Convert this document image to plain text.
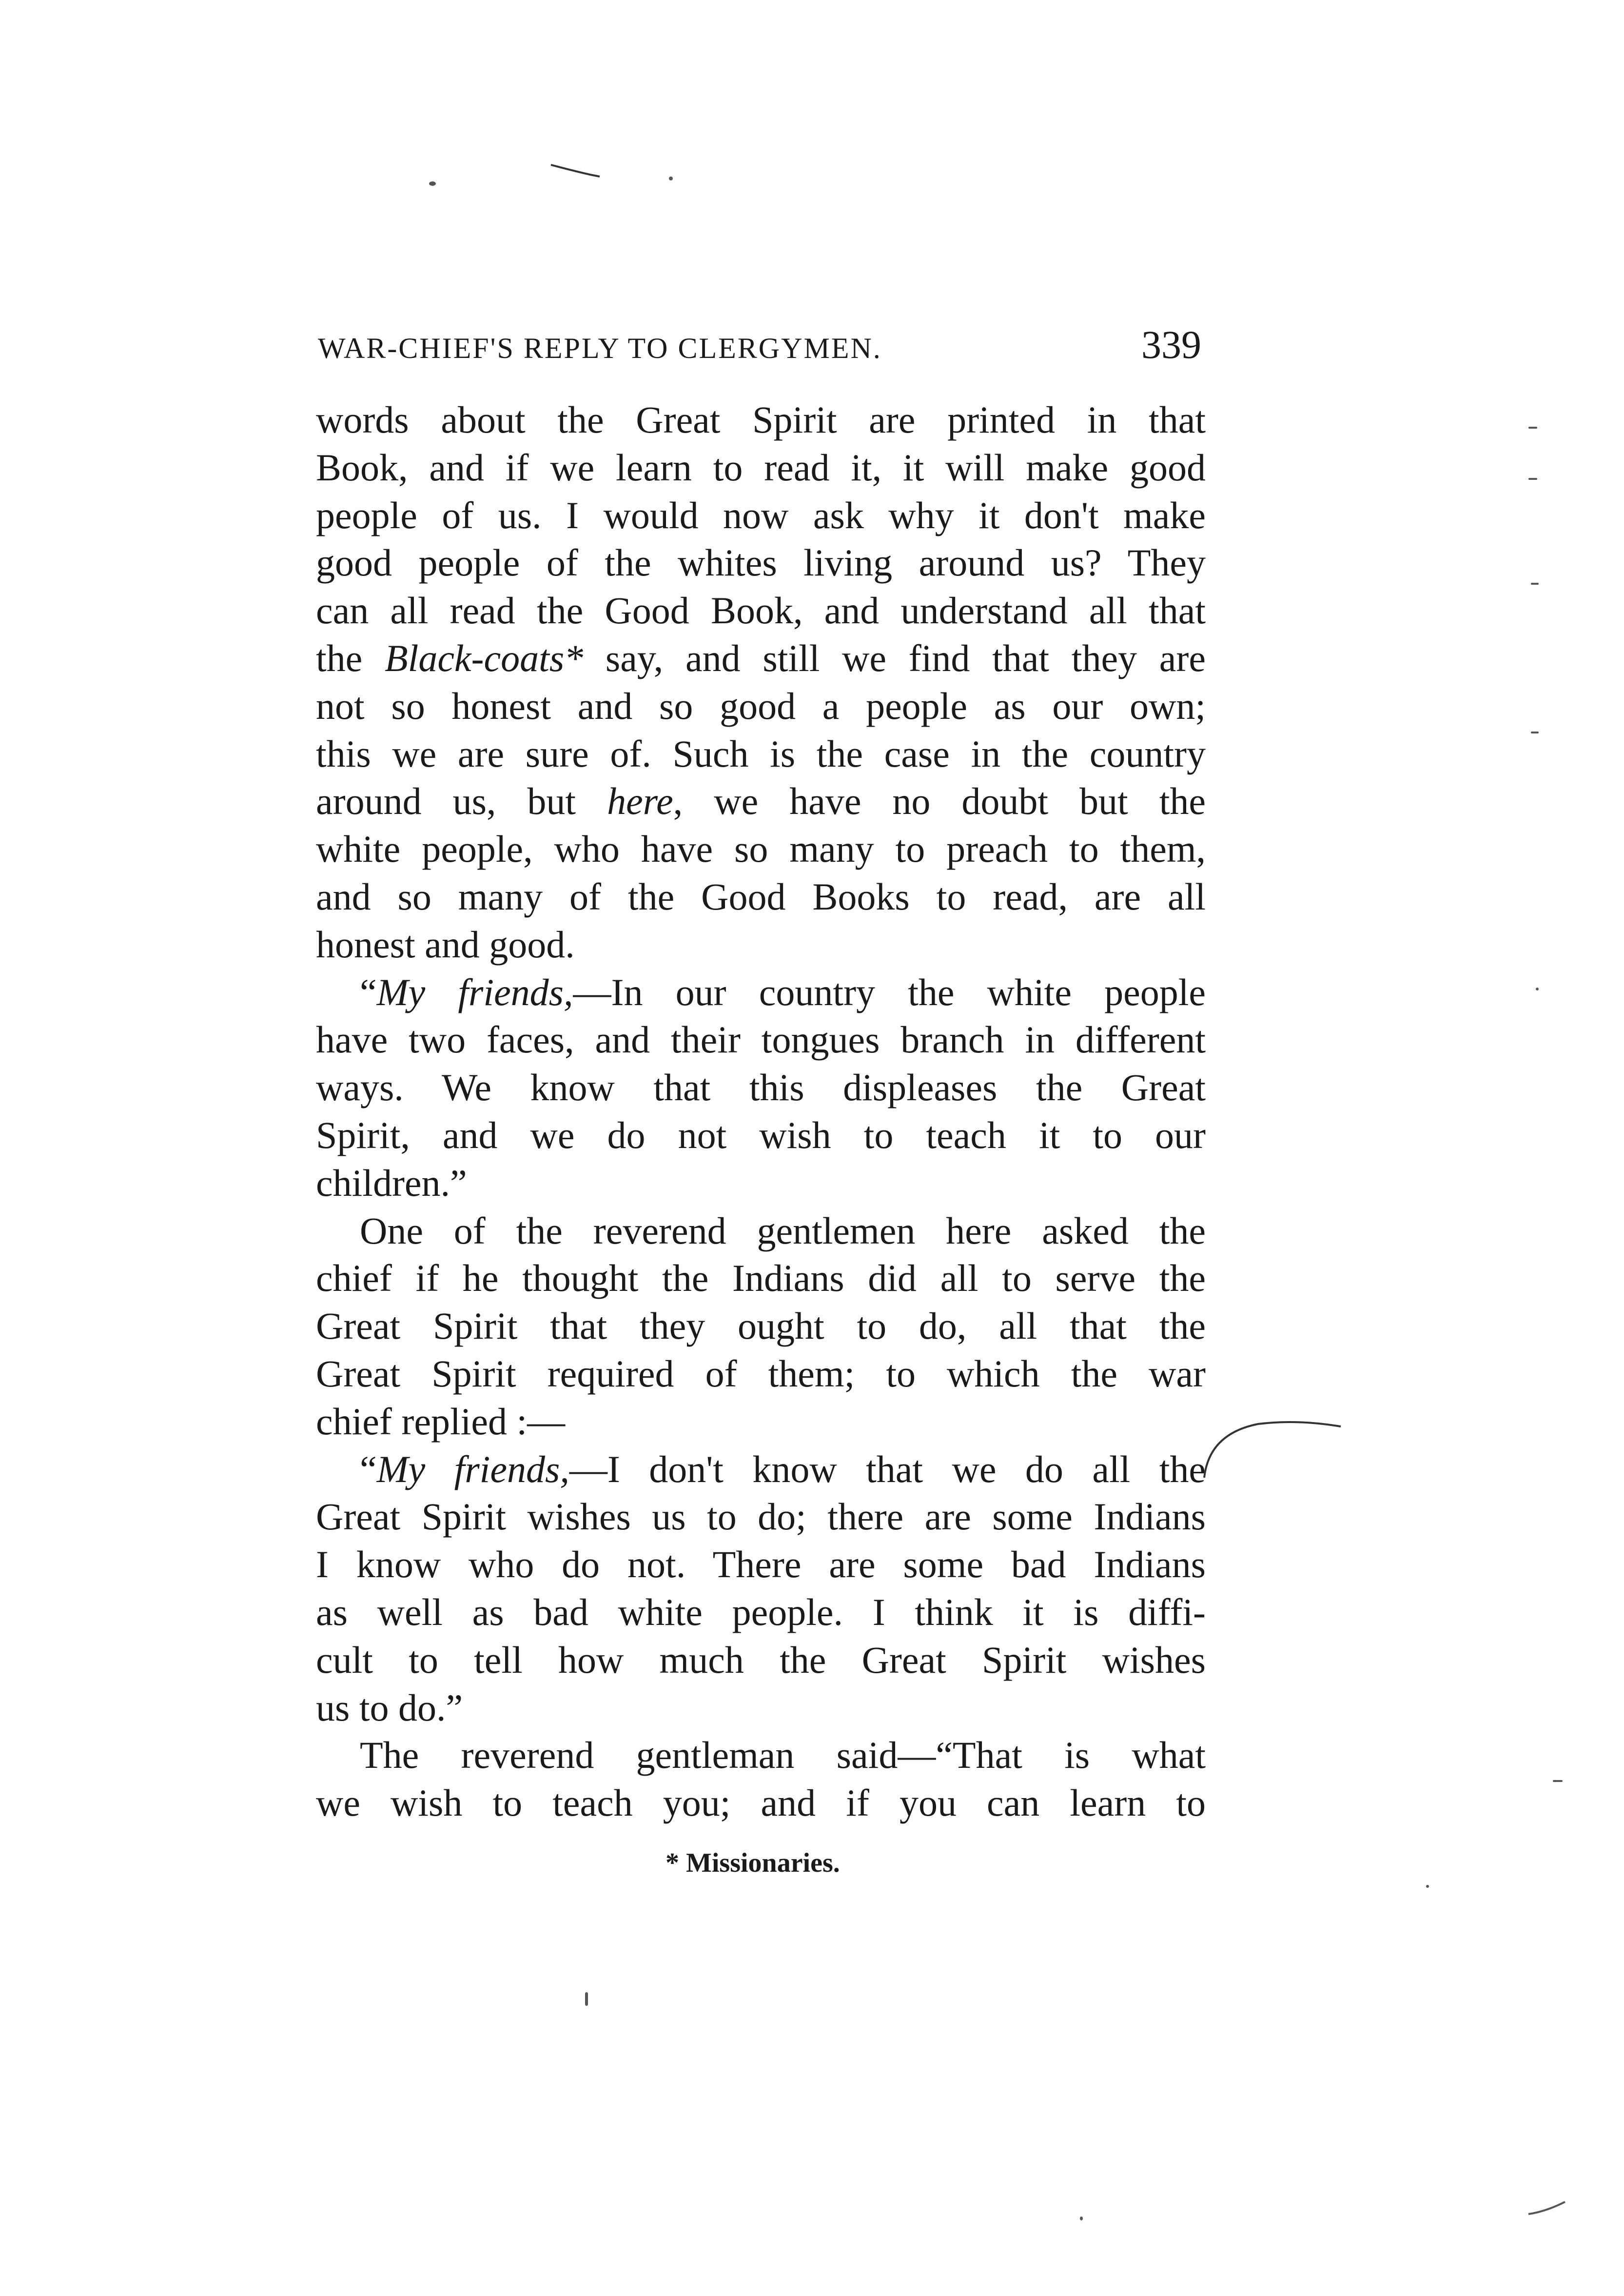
WAR-CHIEF'S REPLY TO CLERGYMEN.	339
words about the Great Spirit are printed in that
Book, and if we learn to read it, it will make good
people of us. I would now ask why it don't make
good people of the whites living around us? They
can all read the Good Book, and understand all that
the Black-coats* say, and still we find that they are
not so honest and so good a people as our own;
this we are sure of. Such is the case in the country
around us, but here, we have no doubt but the
white people, who have so many to preach to them,
and so many of the Good Books to read, are all
honest and good.
“My friends,—In our country the white people
have two faces, and their tongues branch in different
ways. We know that this displeases the Great
Spirit, and we do not wish to teach it to our
children.”
One of the reverend gentlemen here asked the
chief if he thought the Indians did all to serve the
Great Spirit that they ought to do, all that the
Great Spirit required of them; to which the war
chief replied :—
“My friends,—I don't know that we do all the
Great Spirit wishes us to do; there are some Indians
I know who do not. There are some bad Indians
as well as bad white people. I think it is diffi-
cult to tell how much the Great Spirit wishes
us to do.”
The reverend gentleman said—“That is what
we wish to teach you; and if you can learn to
* Missionaries.
